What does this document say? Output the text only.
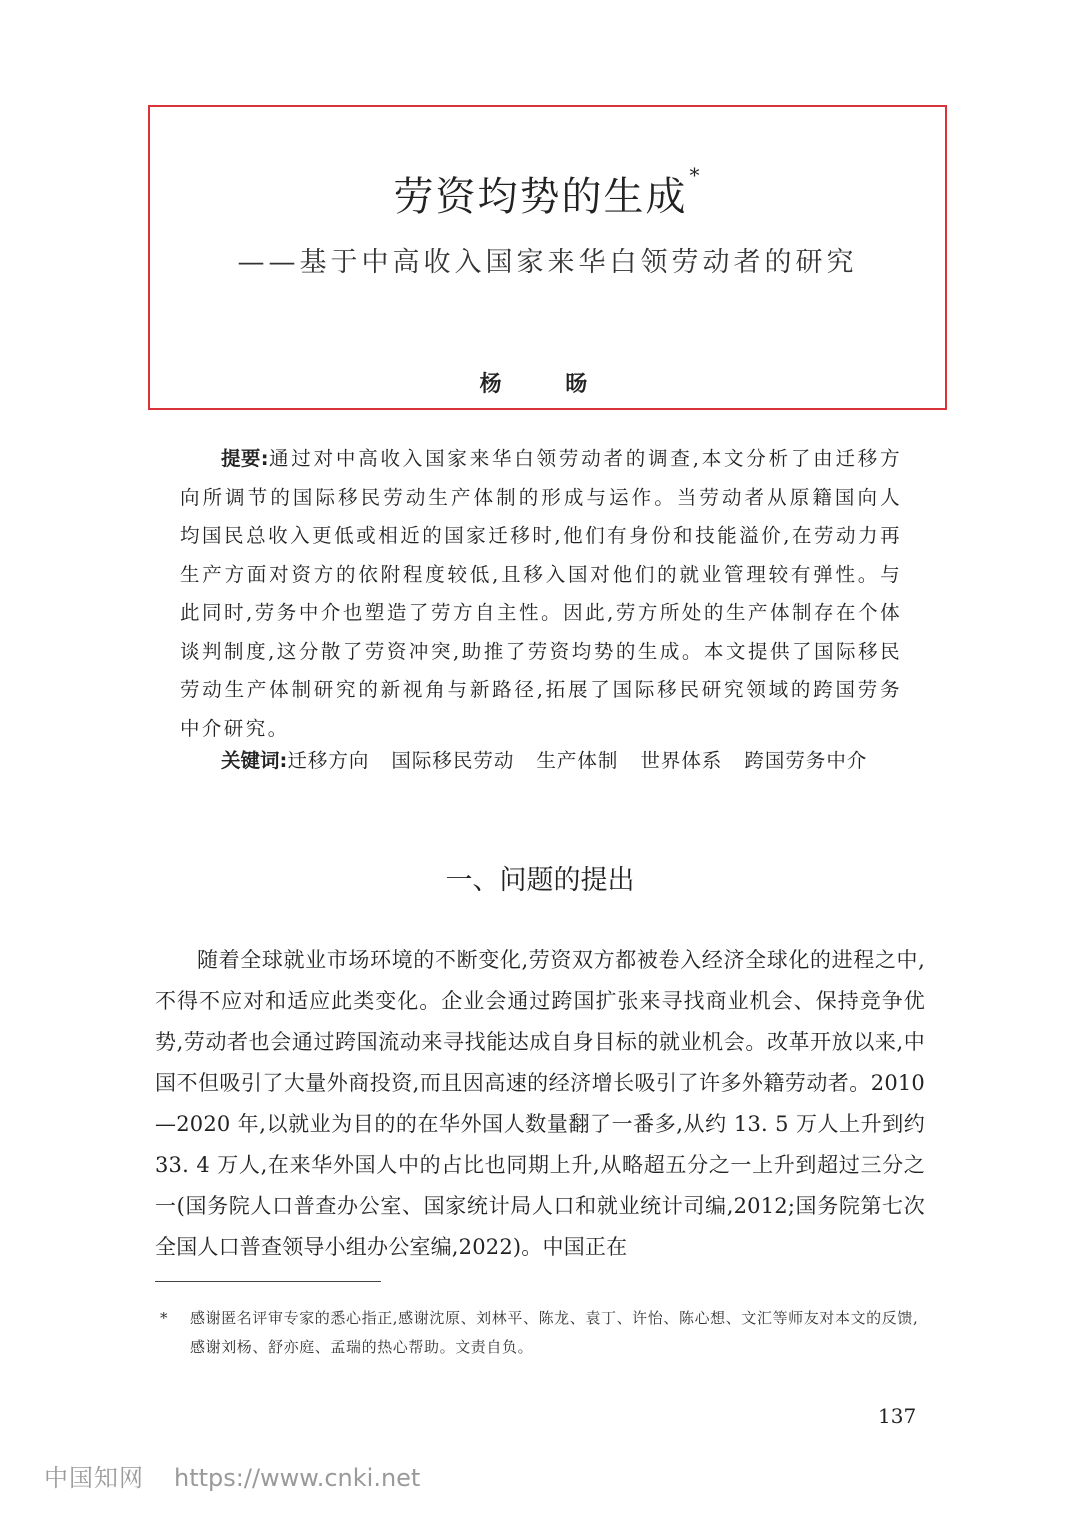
劳资均势的生成 *
——基于中高收入国家来华白领劳动者的研究
杨 旸
提要:通过对中高收入国家来华白领劳动者的调查,本文分析了由迁移方向所调节的国际移民劳动生产体制的形成与运作。当劳动者从原籍国向人均国民总收入更低或相近的国家迁移时,他们有身份和技能溢价,在劳动力再生产方面对资方的依附程度较低,且移入国对他们的就业管理较有弹性。与此同时,劳务中介也塑造了劳方自主性。因此,劳方所处的生产体制存在个体谈判制度,这分散了劳资冲突,助推了劳资均势的生成。本文提供了国际移民劳动生产体制研究的新视角与新路径,拓展了国际移民研究领域的跨国劳务中介研究。
关键词:迁移方向 国际移民劳动 生产体制 世界体系 跨国劳务中介
一、问题的提出
随着全球就业市场环境的不断变化,劳资双方都被卷入经济全球化的进程之中,不得不应对和适应此类变化。企业会通过跨国扩张来寻找商业机会、保持竞争优势,劳动者也会通过跨国流动来寻找能达成自身目标的就业机会。改革开放以来,中国不但吸引了大量外商投资,而且因高速的经济增长吸引了许多外籍劳动者。2010—2020 年,以就业为目的的在华外国人数量翻了一番多,从约 13. 5 万人上升到约 33. 4 万人,在来华外国人中的占比也同期上升,从略超五分之一上升到超过三分之一(国务院人口普查办公室、国家统计局人口和就业统计司编,2012;国务院第七次全国人口普查领导小组办公室编,2022)。中国正在
* 感谢匿名评审专家的悉心指正,感谢沈原、刘林平、陈龙、袁丁、许怡、陈心想、文汇等师友对本文的反馈,感谢刘杨、舒亦庭、孟瑞的热心帮助。文责自负。
137
中国知网 https://www.cnki.net
